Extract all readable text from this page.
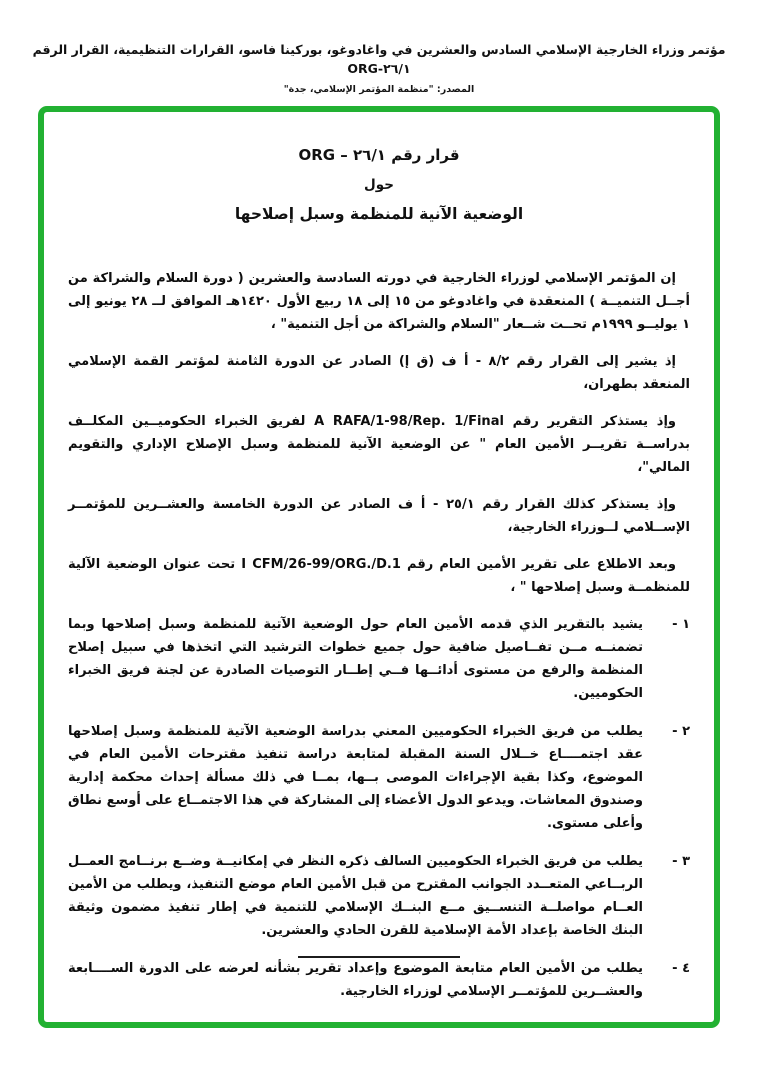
مؤتمر وزراء الخارجية الإسلامي السادس والعشرين في واغادوغو، بوركينا فاسو، القرارات التنظيمية، القرار الرقم ٢٦/١-ORG
المصدر: "منظمة المؤتمر الإسلامي، جدة"
قرار رقم ٢٦/١ – ORG
حول
الوضعية الآنية للمنظمة وسبل إصلاحها

إن المؤتمر الإسلامي لوزراء الخارجية في دورته السادسة والعشرين ( دورة السلام والشراكة من أجــل التنميــة ) المنعقدة في واغادوغو من ١٥ إلى ١٨ ربيع الأول ١٤٢٠هـ الموافق لــ ٢٨ يونيو إلى ١ يوليــو ١٩٩٩م تحــت شــعار "السلام والشراكة من أجل التنمية" ،

إذ يشير إلى القرار رقم ٨/٢ - أ ف (ق إ) الصادر عن الدورة الثامنة لمؤتمر القمة الإسلامي المنعقد بطهران،

وإذ يستذكر التقرير رقم A RAFA/1-98/Rep. 1/Final لفريق الخبراء الحكوميــين المكلــف بدراســة تقريــر الأمين العام " عن الوضعية الآنية للمنظمة وسبل الإصلاح الإداري والتقويم المالي"،

وإذ يستذكر كذلك القرار رقم ٢٥/١ - أ ف الصادر عن الدورة الخامسة والعشــرين للمؤتمــر الإســلامي لــوزراء الخارجية،

وبعد الاطلاع على تقرير الأمين العام رقم I CFM/26-99/ORG./D.1 تحت عنوان الوضعية الآلية للمنظمــة وسبل إصلاحها " ،

١ -
يشيد بالتقرير الذي قدمه الأمين العام حول الوضعية الآتية للمنظمة وسبل إصلاحها وبما تضمنــه مــن تفــاصيل ضافية حول جميع خطوات الترشيد التي اتخذها في سبيل إصلاح المنظمة والرفع من مستوى أدائــها فــي إطــار التوصيات الصادرة عن لجنة فريق الخبراء الحكوميين.
٢ -
يطلب من فريق الخبراء الحكوميين المعني بدراسة الوضعية الآتية للمنظمة وسبل إصلاحها عقد اجتمــــاع خــلال السنة المقبلة لمتابعة دراسة تنفيذ مقترحات الأمين العام في الموضوع، وكذا بقية الإجراءات الموصى بــها، بمــا في ذلك مسألة إحداث محكمة إدارية وصندوق المعاشات. ويدعو الدول الأعضاء إلى المشاركة في هذا الاجتمــاع على أوسع نطاق وأعلى مستوى.
٣ -
يطلب من فريق الخبراء الحكوميين السالف ذكره النظر في إمكانيــة وضــع برنــامج العمــل الربــاعي المتعــدد الجوانب المقترح من قبل الأمين العام موضع التنفيذ، ويطلب من الأمين العــام مواصلــة التنســيق مــع البنــك الإسلامي للتنمية في إطار تنفيذ مضمون وثيقة البنك الخاصة بإعداد الأمة الإسلامية للقرن الحادي والعشرين.
٤ -
يطلب من الأمين العام متابعة الموضوع وإعداد تقرير بشأنه لعرضه على الدورة الســــابعة والعشــرين للمؤتمــر الإسلامي لوزراء الخارجية.
